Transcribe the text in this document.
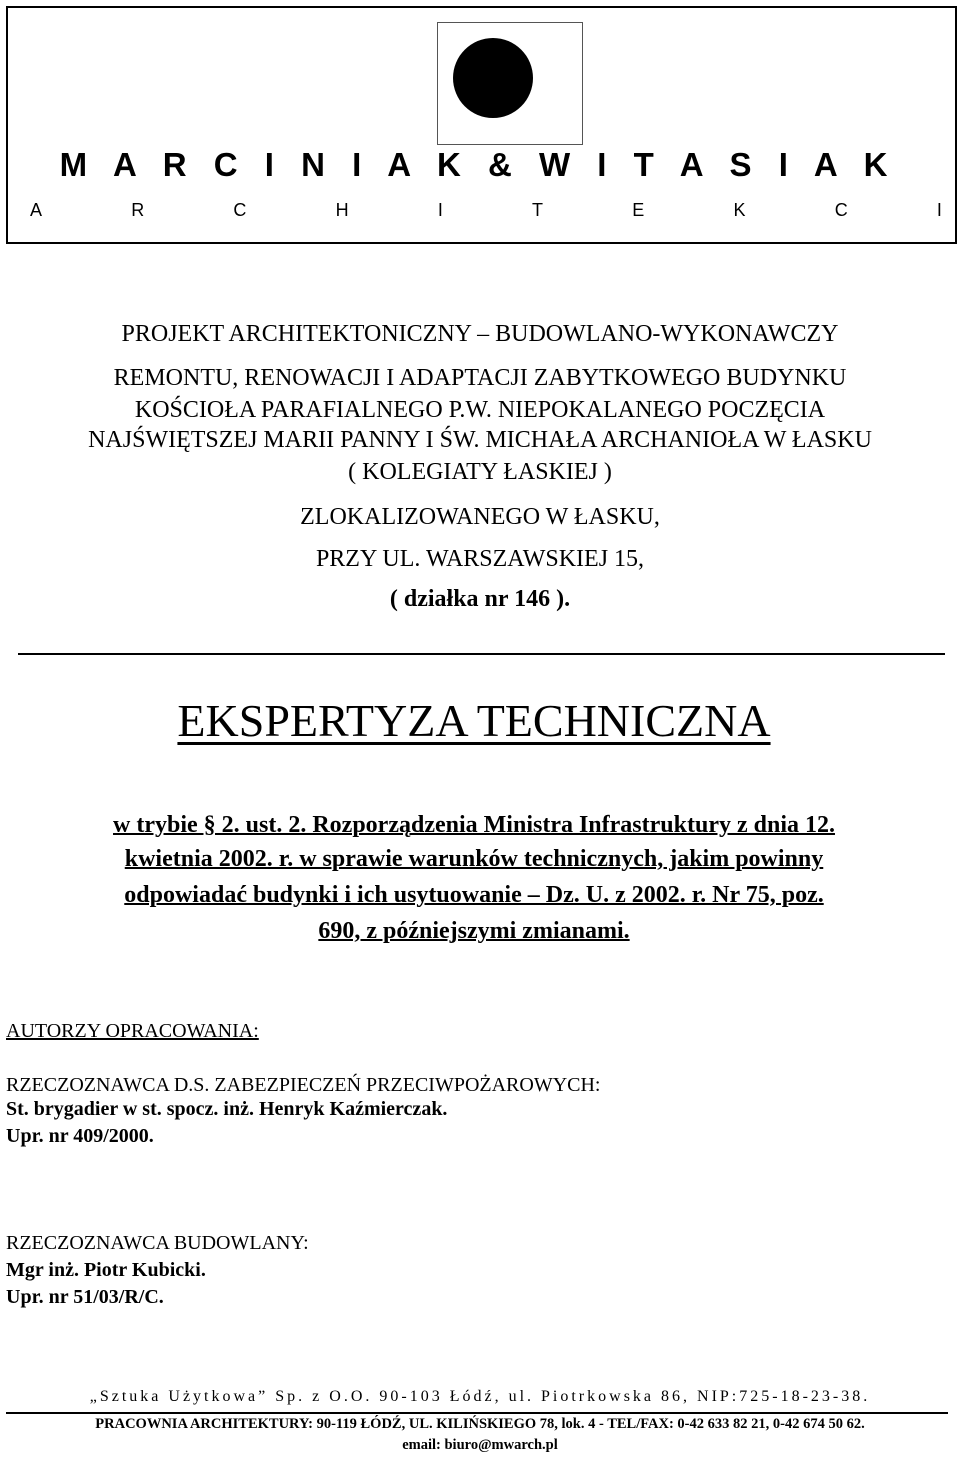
M A R C I N I A K & W I T A S I A K
A	R	C	H	I	T	E	K	C	I
PROJEKT ARCHITEKTONICZNY – BUDOWLANO-WYKONAWCZY
REMONTU, RENOWACJI I ADAPTACJI ZABYTKOWEGO BUDYNKU
KOŚCIOŁA PARAFIALNEGO P.W. NIEPOKALANEGO POCZĘCIA
NAJŚWIĘTSZEJ MARII PANNY I ŚW. MICHAŁA ARCHANIOŁA W ŁASKU
( KOLEGIATY ŁASKIEJ )
ZLOKALIZOWANEGO W ŁASKU,
PRZY UL. WARSZAWSKIEJ 15,
( działka nr 146 ).
EKSPERTYZA TECHNICZNA
w trybie § 2. ust. 2. Rozporządzenia Ministra Infrastruktury z dnia 12.
kwietnia 2002. r. w sprawie warunków technicznych, jakim powinny
odpowiadać budynki i ich usytuowanie – Dz. U. z 2002. r. Nr 75, poz.
690, z późniejszymi zmianami.
AUTORZY OPRACOWANIA:
RZECZOZNAWCA D.S. ZABEZPIECZEŃ PRZECIWPOŻAROWYCH:
St. brygadier w st. spocz. inż. Henryk Kaźmierczak.
Upr. nr 409/2000.
RZECZOZNAWCA BUDOWLANY:
Mgr inż. Piotr Kubicki.
Upr. nr 51/03/R/C.
„Sztuka Użytkowa” Sp. z O.O. 90-103 Łódź, ul. Piotrkowska 86, NIP:725-18-23-38.
PRACOWNIA ARCHITEKTURY: 90-119 ŁÓDŹ, UL. KILIŃSKIEGO 78, lok. 4 - TEL/FAX: 0-42 633 82 21, 0-42 674 50 62.
email: biuro@mwarch.pl
